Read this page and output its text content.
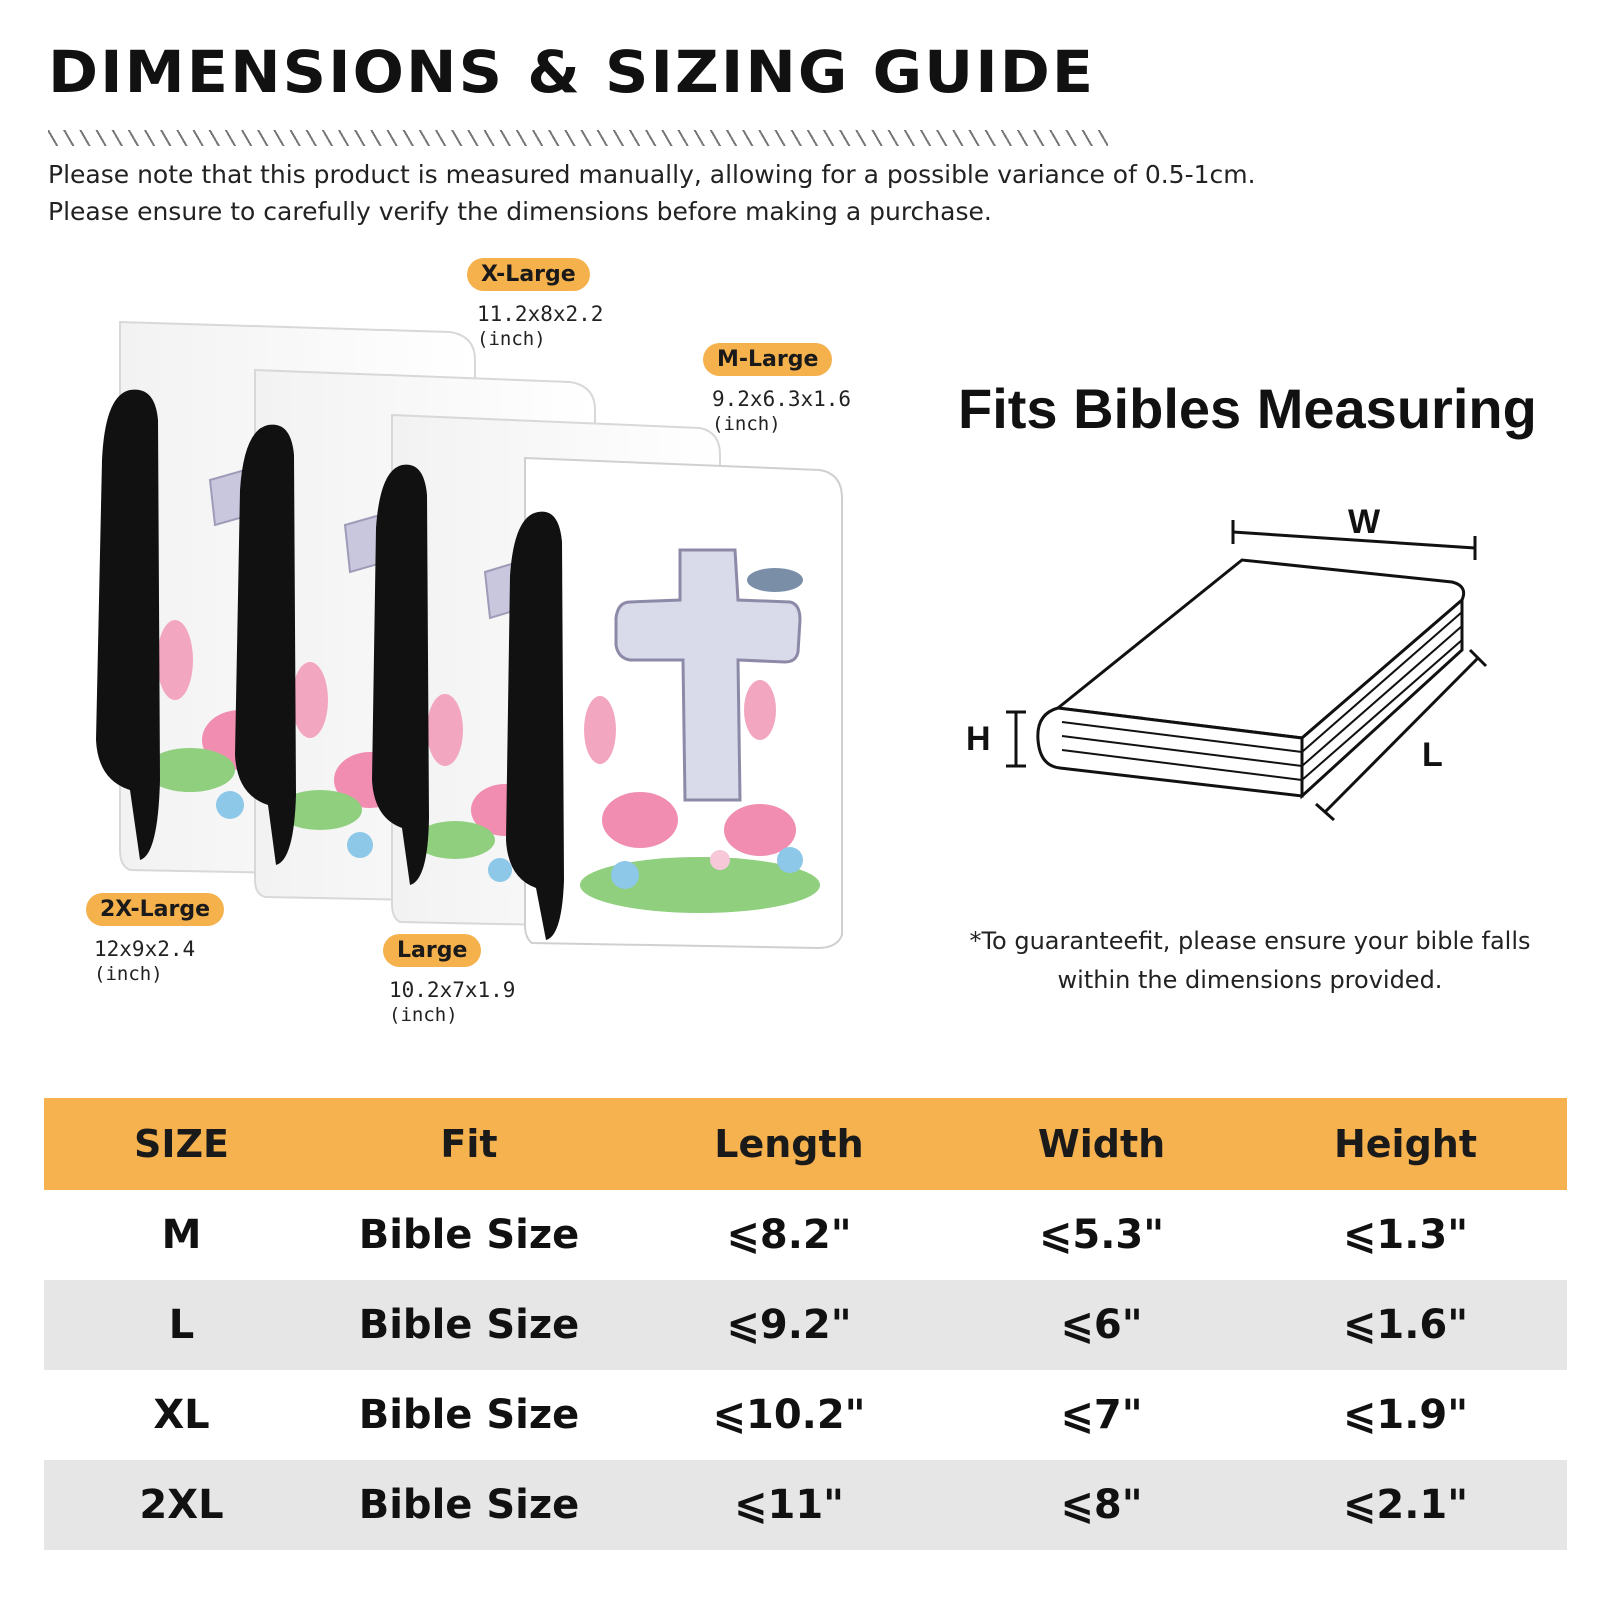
DIMENSIONS & SIZING GUIDE

Please note that this product is measured manually, allowing for a possible variance of 0.5-1cm.

Please ensure to carefully verify the dimensions before making a purchase.

X-Large
11.2x8x2.2
(inch)
M-Large
9.2x6.3x1.6
(inch)
2X-Large
12x9x2.4
(inch)
Large
10.2x7x1.9
(inch)
Fits Bibles Measuring
W
H	L

*To guaranteefit, please ensure your bible falls
within the dimensions provided.

SIZE	Fit	Length	Width	Height
M	Bible Size	⩽8.2"	⩽5.3"	⩽1.3"
L	Bible Size	⩽9.2"	⩽6"	⩽1.6"
XL	Bible Size	⩽10.2"	⩽7"	⩽1.9"
2XL	Bible Size	⩽11"	⩽8"	⩽2.1"
